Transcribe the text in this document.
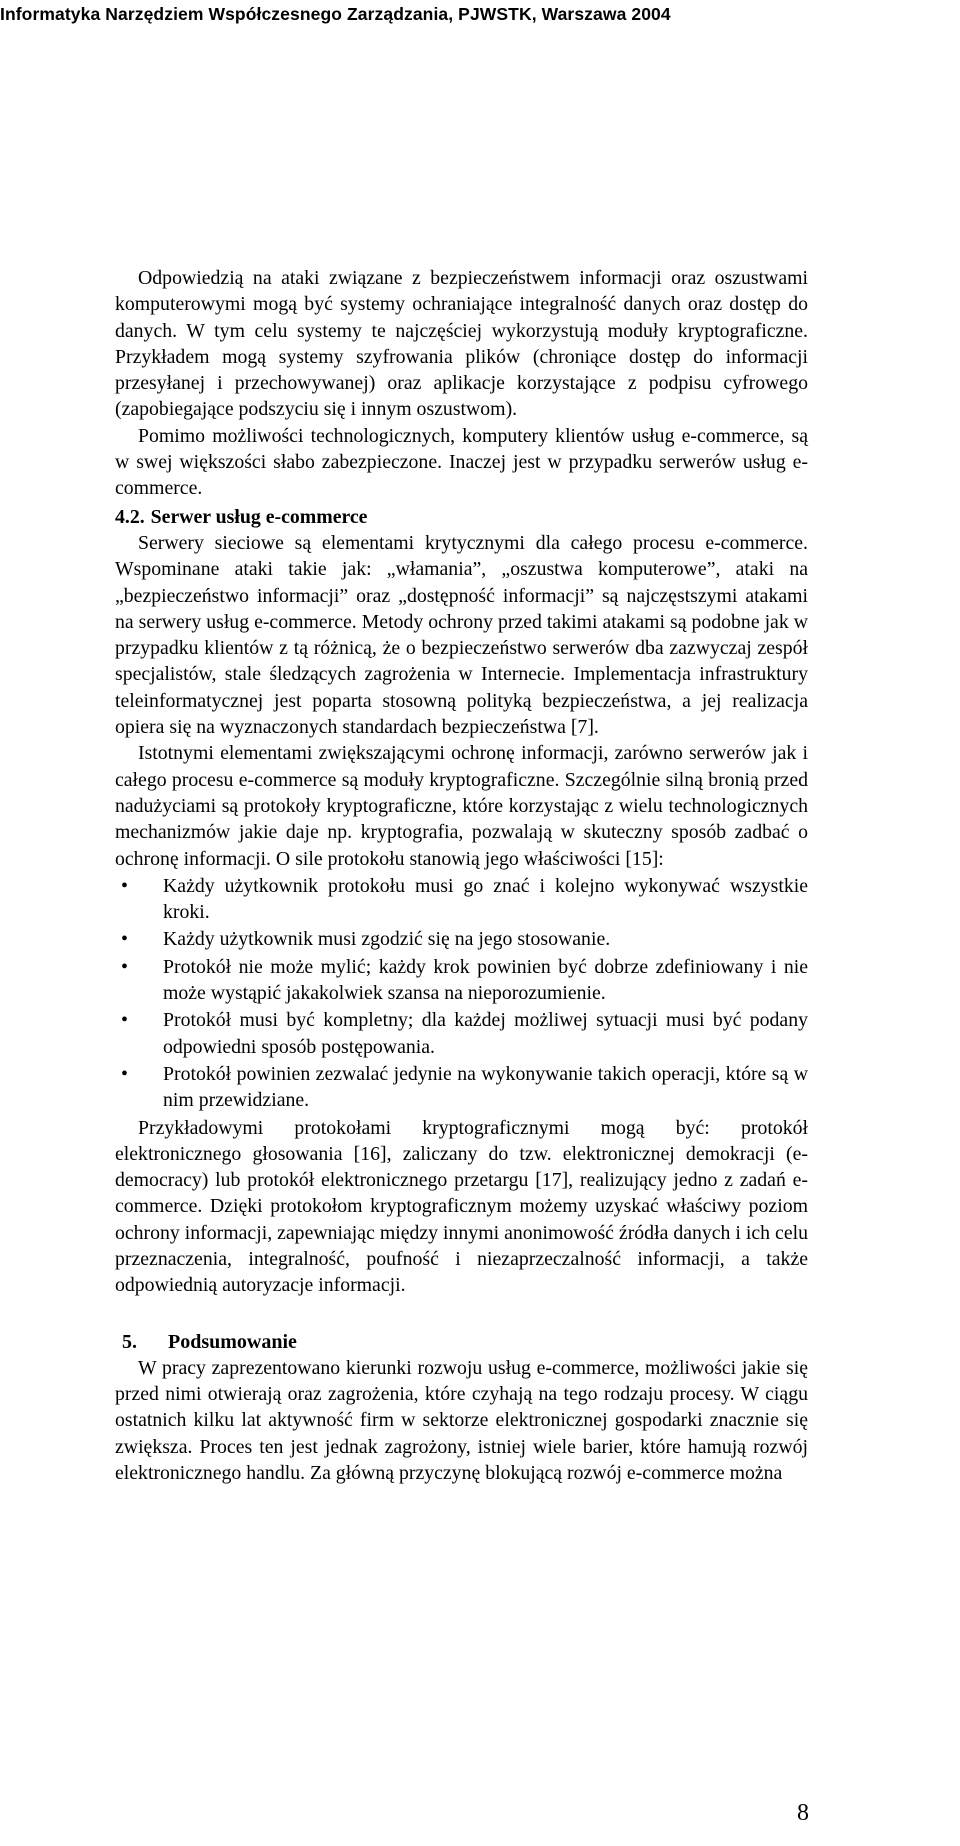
Informatyka Narzędziem Współczesnego Zarządzania, PJWSTK, Warszawa 2004

Odpowiedzią na ataki związane z bezpieczeństwem informacji oraz oszustwami komputerowymi mogą być systemy ochraniające integralność danych oraz dostęp do danych. W tym celu systemy te najczęściej wykorzystują moduły kryptograficzne. Przykładem mogą systemy szyfrowania plików (chroniące dostęp do informacji przesyłanej i przechowywanej) oraz aplikacje korzystające z podpisu cyfrowego (zapobiegające podszyciu się i innym oszustwom).

Pomimo możliwości technologicznych, komputery klientów usług e-commerce, są w swej większości słabo zabezpieczone. Inaczej jest w przypadku serwerów usług e-commerce.

4.2. Serwer usług e-commerce

Serwery sieciowe są elementami krytycznymi dla całego procesu e-commerce. Wspominane ataki takie jak: „włamania”, „oszustwa komputerowe”, ataki na „bezpieczeństwo informacji” oraz „dostępność informacji” są najczęstszymi atakami na serwery usług e-commerce. Metody ochrony przed takimi atakami są podobne jak w przypadku klientów z tą różnicą, że o bezpieczeństwo serwerów dba zazwyczaj zespół specjalistów, stale śledzących zagrożenia w Internecie. Implementacja infrastruktury teleinformatycznej jest poparta stosowną polityką bezpieczeństwa, a jej realizacja opiera się na wyznaczonych standardach bezpieczeństwa [7].

Istotnymi elementami zwiększającymi ochronę informacji, zarówno serwerów jak i całego procesu e-commerce są moduły kryptograficzne. Szczególnie silną bronią przed nadużyciami są protokoły kryptograficzne, które korzystając z wielu technologicznych mechanizmów jakie daje np. kryptografia, pozwalają w skuteczny sposób zadbać o ochronę informacji. O sile protokołu stanowią jego właściwości [15]:

• Każdy użytkownik protokołu musi go znać i kolejno wykonywać wszystkie kroki.
• Każdy użytkownik musi zgodzić się na jego stosowanie.
• Protokół nie może mylić; każdy krok powinien być dobrze zdefiniowany i nie może wystąpić jakakolwiek szansa na nieporozumienie.
• Protokół musi być kompletny; dla każdej możliwej sytuacji musi być podany odpowiedni sposób postępowania.
• Protokół powinien zezwalać jedynie na wykonywanie takich operacji, które są w nim przewidziane.

Przykładowymi protokołami kryptograficznymi mogą być: protokół elektronicznego głosowania [16], zaliczany do tzw. elektronicznej demokracji (e-democracy) lub protokół elektronicznego przetargu [17], realizujący jedno z zadań e-commerce. Dzięki protokołom kryptograficznym możemy uzyskać właściwy poziom ochrony informacji, zapewniając między innymi anonimowość źródła danych i ich celu przeznaczenia, integralność, poufność i niezaprzeczalność informacji, a także odpowiednią autoryzacje informacji.

5. Podsumowanie

W pracy zaprezentowano kierunki rozwoju usług e-commerce, możliwości jakie się przed nimi otwierają oraz zagrożenia, które czyhają na tego rodzaju procesy. W ciągu ostatnich kilku lat aktywność firm w sektorze elektronicznej gospodarki znacznie się zwiększa. Proces ten jest jednak zagrożony, istniej wiele barier, które hamują rozwój elektronicznego handlu. Za główną przyczynę blokującą rozwój e-commerce można

8
